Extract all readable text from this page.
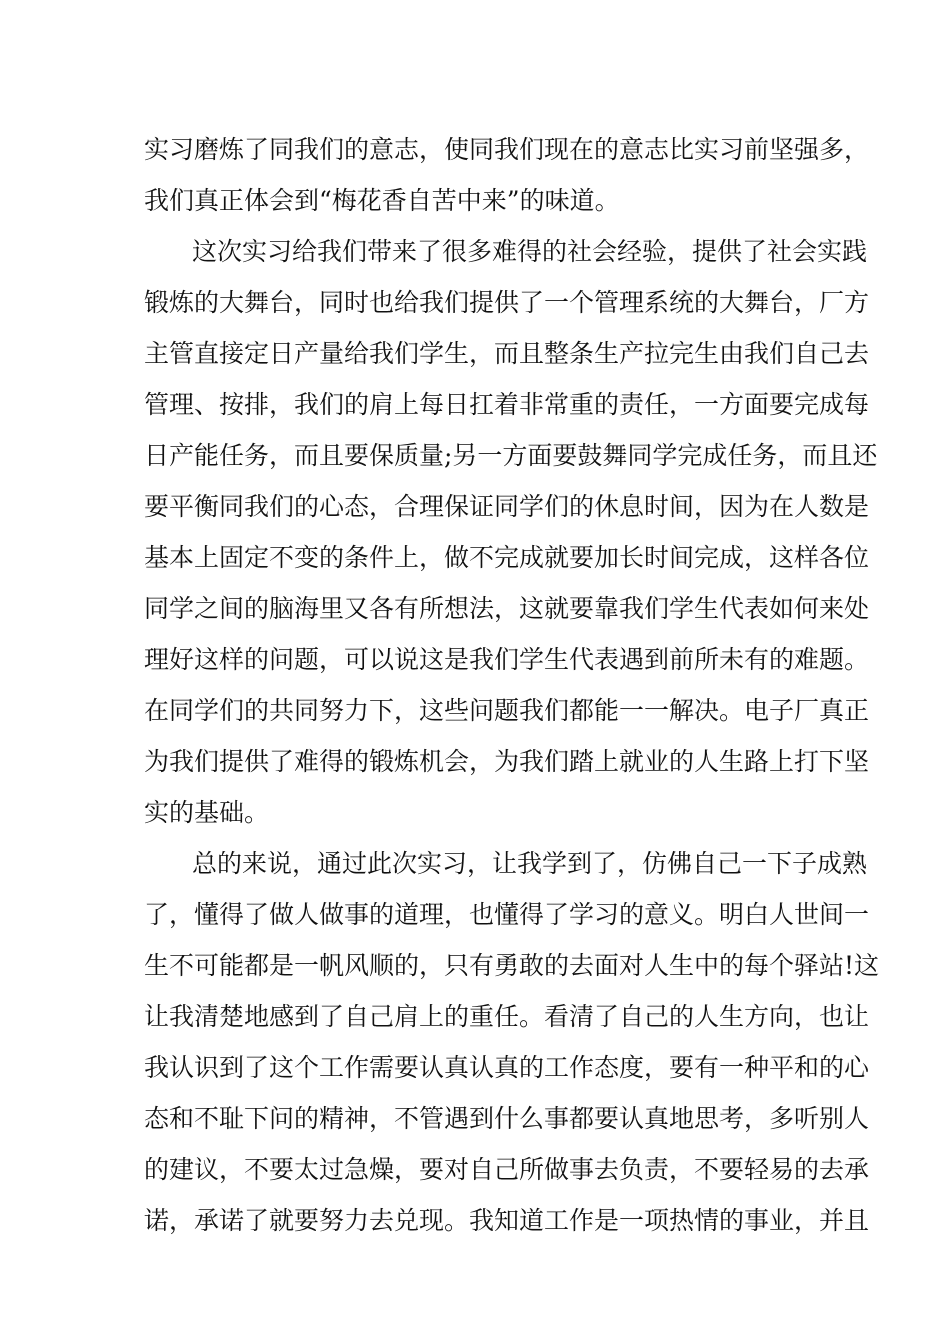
实习磨炼了同我们的意志，使同我们现在的意志比实习前坚强多，
我们真正体会到“梅花香自苦中来”的味道。
这次实习给我们带来了很多难得的社会经验，提供了社会实践
锻炼的大舞台，同时也给我们提供了一个管理系统的大舞台，厂方
主管直接定日产量给我们学生，而且整条生产拉完生由我们自己去
管理、按排，我们的肩上每日扛着非常重的责任，一方面要完成每
日产能任务，而且要保质量;另一方面要鼓舞同学完成任务，而且还
要平衡同我们的心态，合理保证同学们的休息时间，因为在人数是
基本上固定不变的条件上，做不完成就要加长时间完成，这样各位
同学之间的脑海里又各有所想法，这就要靠我们学生代表如何来处
理好这样的问题，可以说这是我们学生代表遇到前所未有的难题。
在同学们的共同努力下，这些问题我们都能一一解决。电子厂真正
为我们提供了难得的锻炼机会，为我们踏上就业的人生路上打下坚
实的基础。
总的来说，通过此次实习，让我学到了，仿佛自己一下子成熟
了，懂得了做人做事的道理，也懂得了学习的意义。明白人世间一
生不可能都是一帆风顺的，只有勇敢的去面对人生中的每个驿站!这
让我清楚地感到了自己肩上的重任。看清了自己的人生方向，也让
我认识到了这个工作需要认真认真的工作态度，要有一种平和的心
态和不耻下问的精神，不管遇到什么事都要认真地思考，多听别人
的建议，不要太过急燥，要对自己所做事去负责，不要轻易的去承
诺，承诺了就要努力去兑现。我知道工作是一项热情的事业，并且
